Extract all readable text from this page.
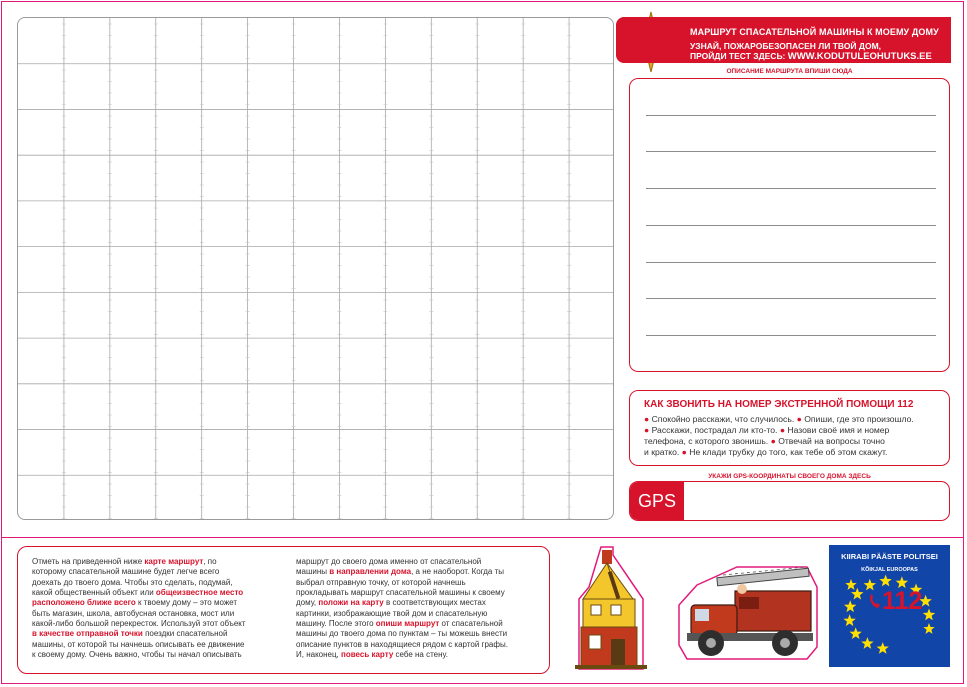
МАРШРУТ СПАСАТЕЛЬНОЙ МАШИНЫ К МОЕМУ ДОМУ
УЗНАЙ, ПОЖАРОБЕЗОПАСЕН ЛИ ТВОЙ ДОМ,
ПРОЙДИ ТЕСТ ЗДЕСЬ: WWW.KODUTULEOHUTUKS.EE
ОПИСАНИЕ МАРШРУТА ВПИШИ СЮДА
КАК ЗВОНИТЬ НА НОМЕР ЭКСТРЕННОЙ ПОМОЩИ 112
● Спокойно расскажи, что случилось. ● Опиши, где это произошло.
● Расскажи, пострадал ли кто-то. ● Назови своё имя и номер
телефона, с которого звонишь. ● Отвечай на вопросы точно
и кратко. ● Не клади трубку до того, как тебе об этом скажут.
УКАЖИ GPS-КООРДИНАТЫ СВОЕГО ДОМА ЗДЕСЬ
GPS
Отметь на приведенной ниже карте маршрут, по
которому спасательной машине будет легче всего
доехать до твоего дома. Чтобы это сделать, подумай,
какой общественный объект или общеизвестное место
расположено ближе всего к твоему дому – это может
быть магазин, школа, автобусная остановка, мост или
какой-либо большой перекресток. Используй этот объект
в качестве отправной точки поездки спасательной
машины, от которой ты начнешь описывать ее движение
к своему дому. Очень важно, чтобы ты начал описывать
маршрут до своего дома именно от спасательной
машины в направлении дома, а не наоборот. Когда ты
выбрал отправную точку, от которой начнешь
прокладывать маршрут спасательной машины к своему
дому, положи на карту в соответствующих местах
картинки, изображающие твой дом и спасательную
машину. После этого опиши маршрут от спасательной
машины до твоего дома по пунктам – ты можешь внести
описание пунктов в находящиеся рядом с картой графы.
И, наконец, повесь карту себе на стену.
KIIRABI PÄÄSTE POLITSEI
KÕIKJAL EUROOPAS
112
